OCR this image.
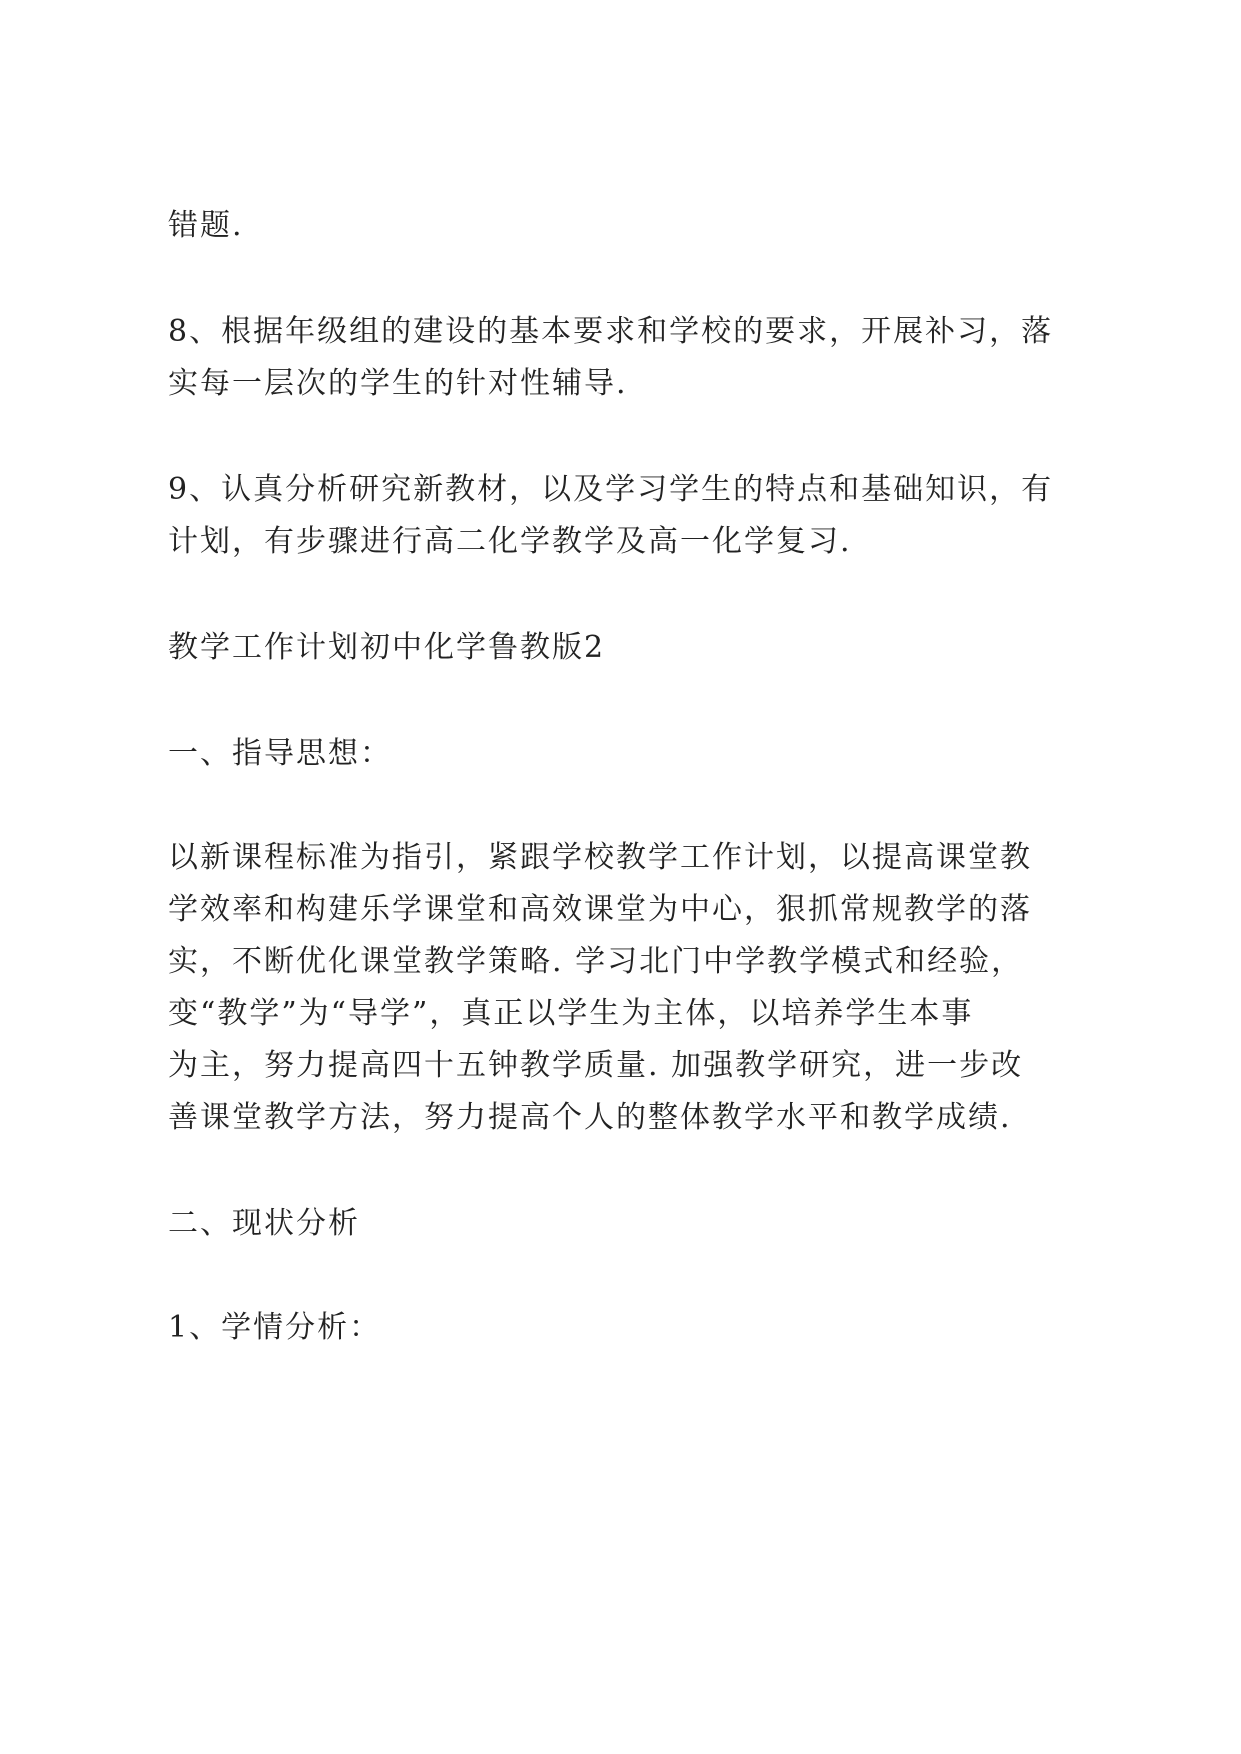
错题.
8、根据年级组的建设的基本要求和学校的要求，开展补习，落
实每一层次的学生的针对性辅导.
9、认真分析研究新教材，以及学习学生的特点和基础知识，有
计划，有步骤进行高二化学教学及高一化学复习.
教学工作计划初中化学鲁教版2
一、指导思想：
以新课程标准为指引，紧跟学校教学工作计划，以提高课堂教
学效率和构建乐学课堂和高效课堂为中心，狠抓常规教学的落
实，不断优化课堂教学策略. 学习北门中学教学模式和经验，
变“教学”为“导学”，真正以学生为主体，以培养学生本事
为主，努力提高四十五钟教学质量. 加强教学研究，进一步改
善课堂教学方法，努力提高个人的整体教学水平和教学成绩.
二、现状分析
1、学情分析：
